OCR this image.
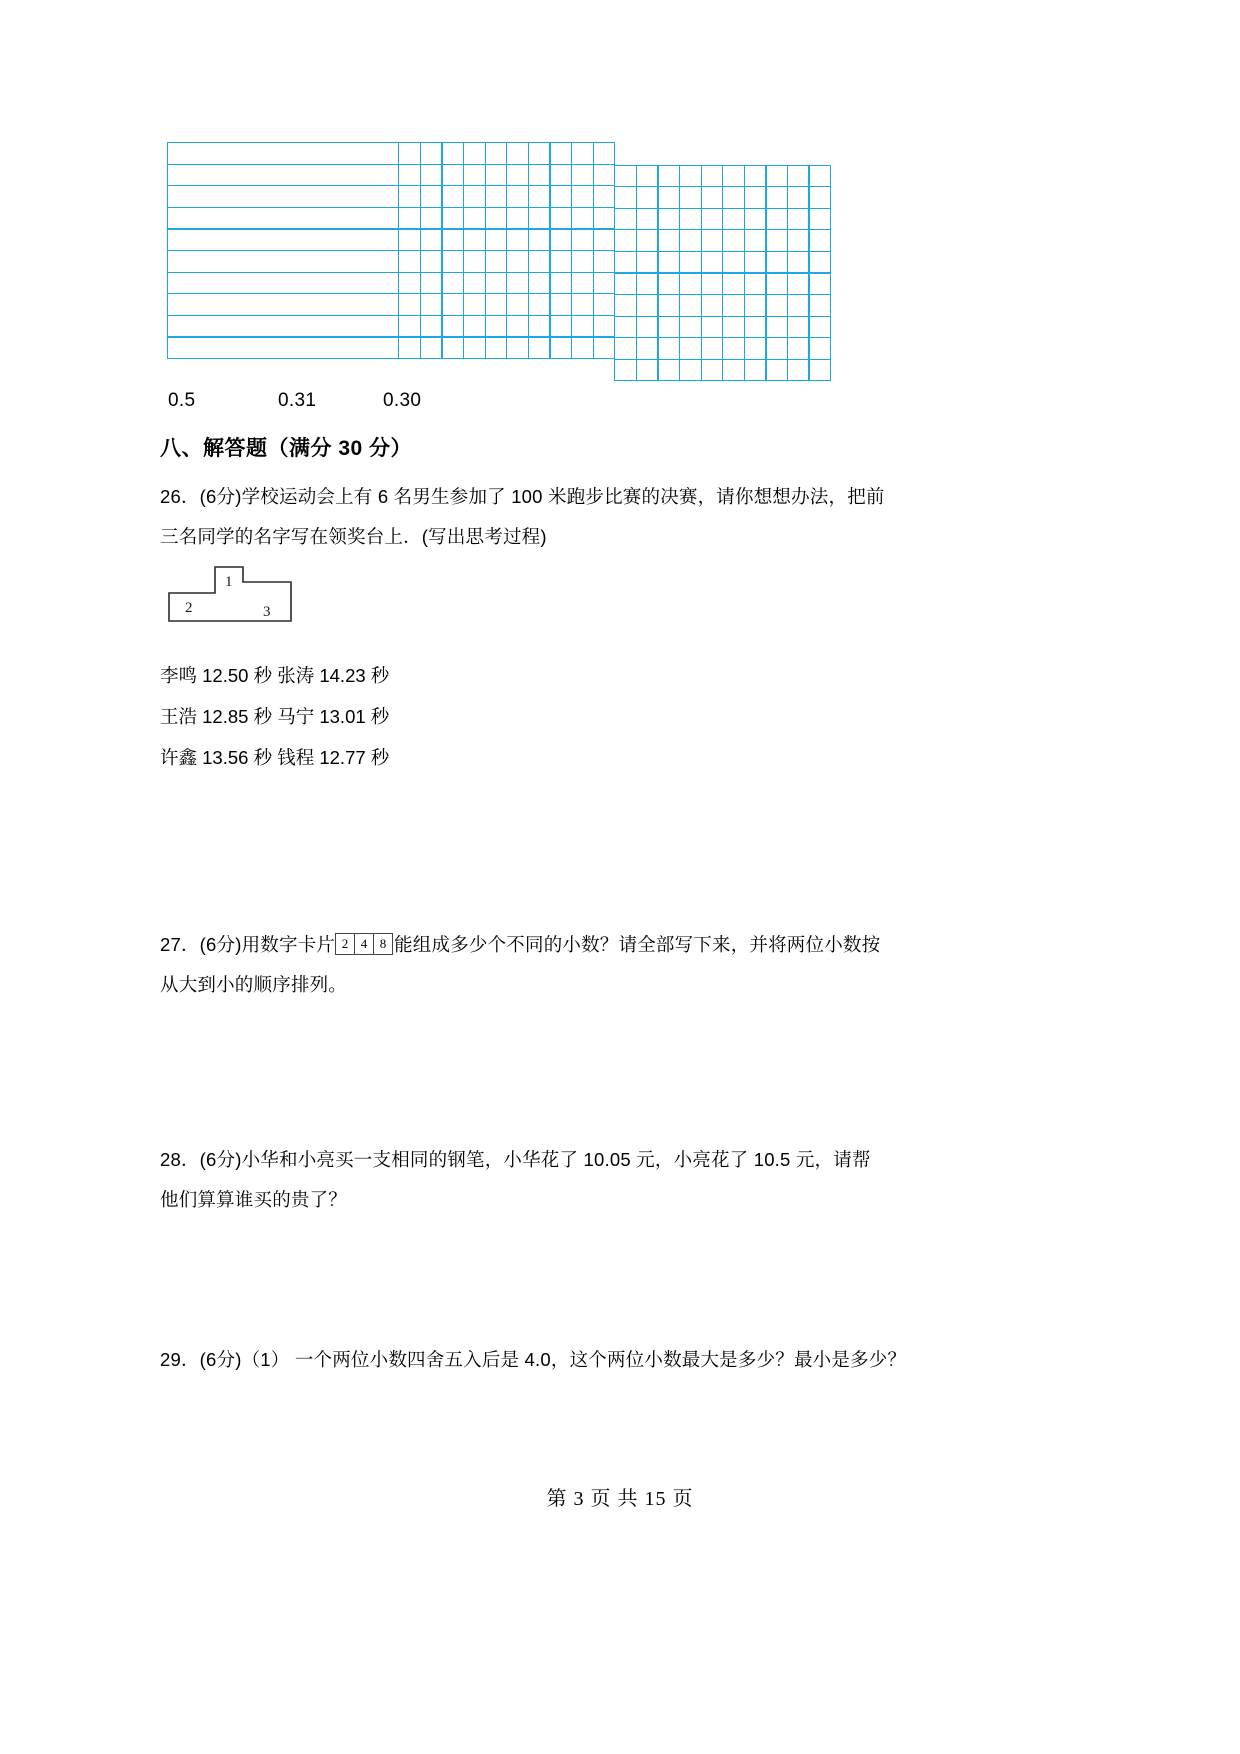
0.5	0.31	0.30
八、解答题（满分 30 分）
26．(6分)学校运动会上有 6 名男生参加了 100 米跑步比赛的决赛，请你想想办法，把前
三名同学的名字写在领奖台上．(写出思考过程)
1
2	3
李鸣 12.50 秒 张涛 14.23 秒
王浩 12.85 秒 马宁 13.01 秒
许鑫 13.56 秒 钱程 12.77 秒
27．(6分)用数字卡片 2 4 8 能组成多少个不同的小数？请全部写下来，并将两位小数按
从大到小的顺序排列。
28．(6分)小华和小亮买一支相同的钢笔，小华花了 10.05 元，小亮花了 10.5 元，请帮
他们算算谁买的贵了？
29．(6分)（1） 一个两位小数四舍五入后是 4.0，这个两位小数最大是多少？最小是多少？
第 3 页 共 15 页
